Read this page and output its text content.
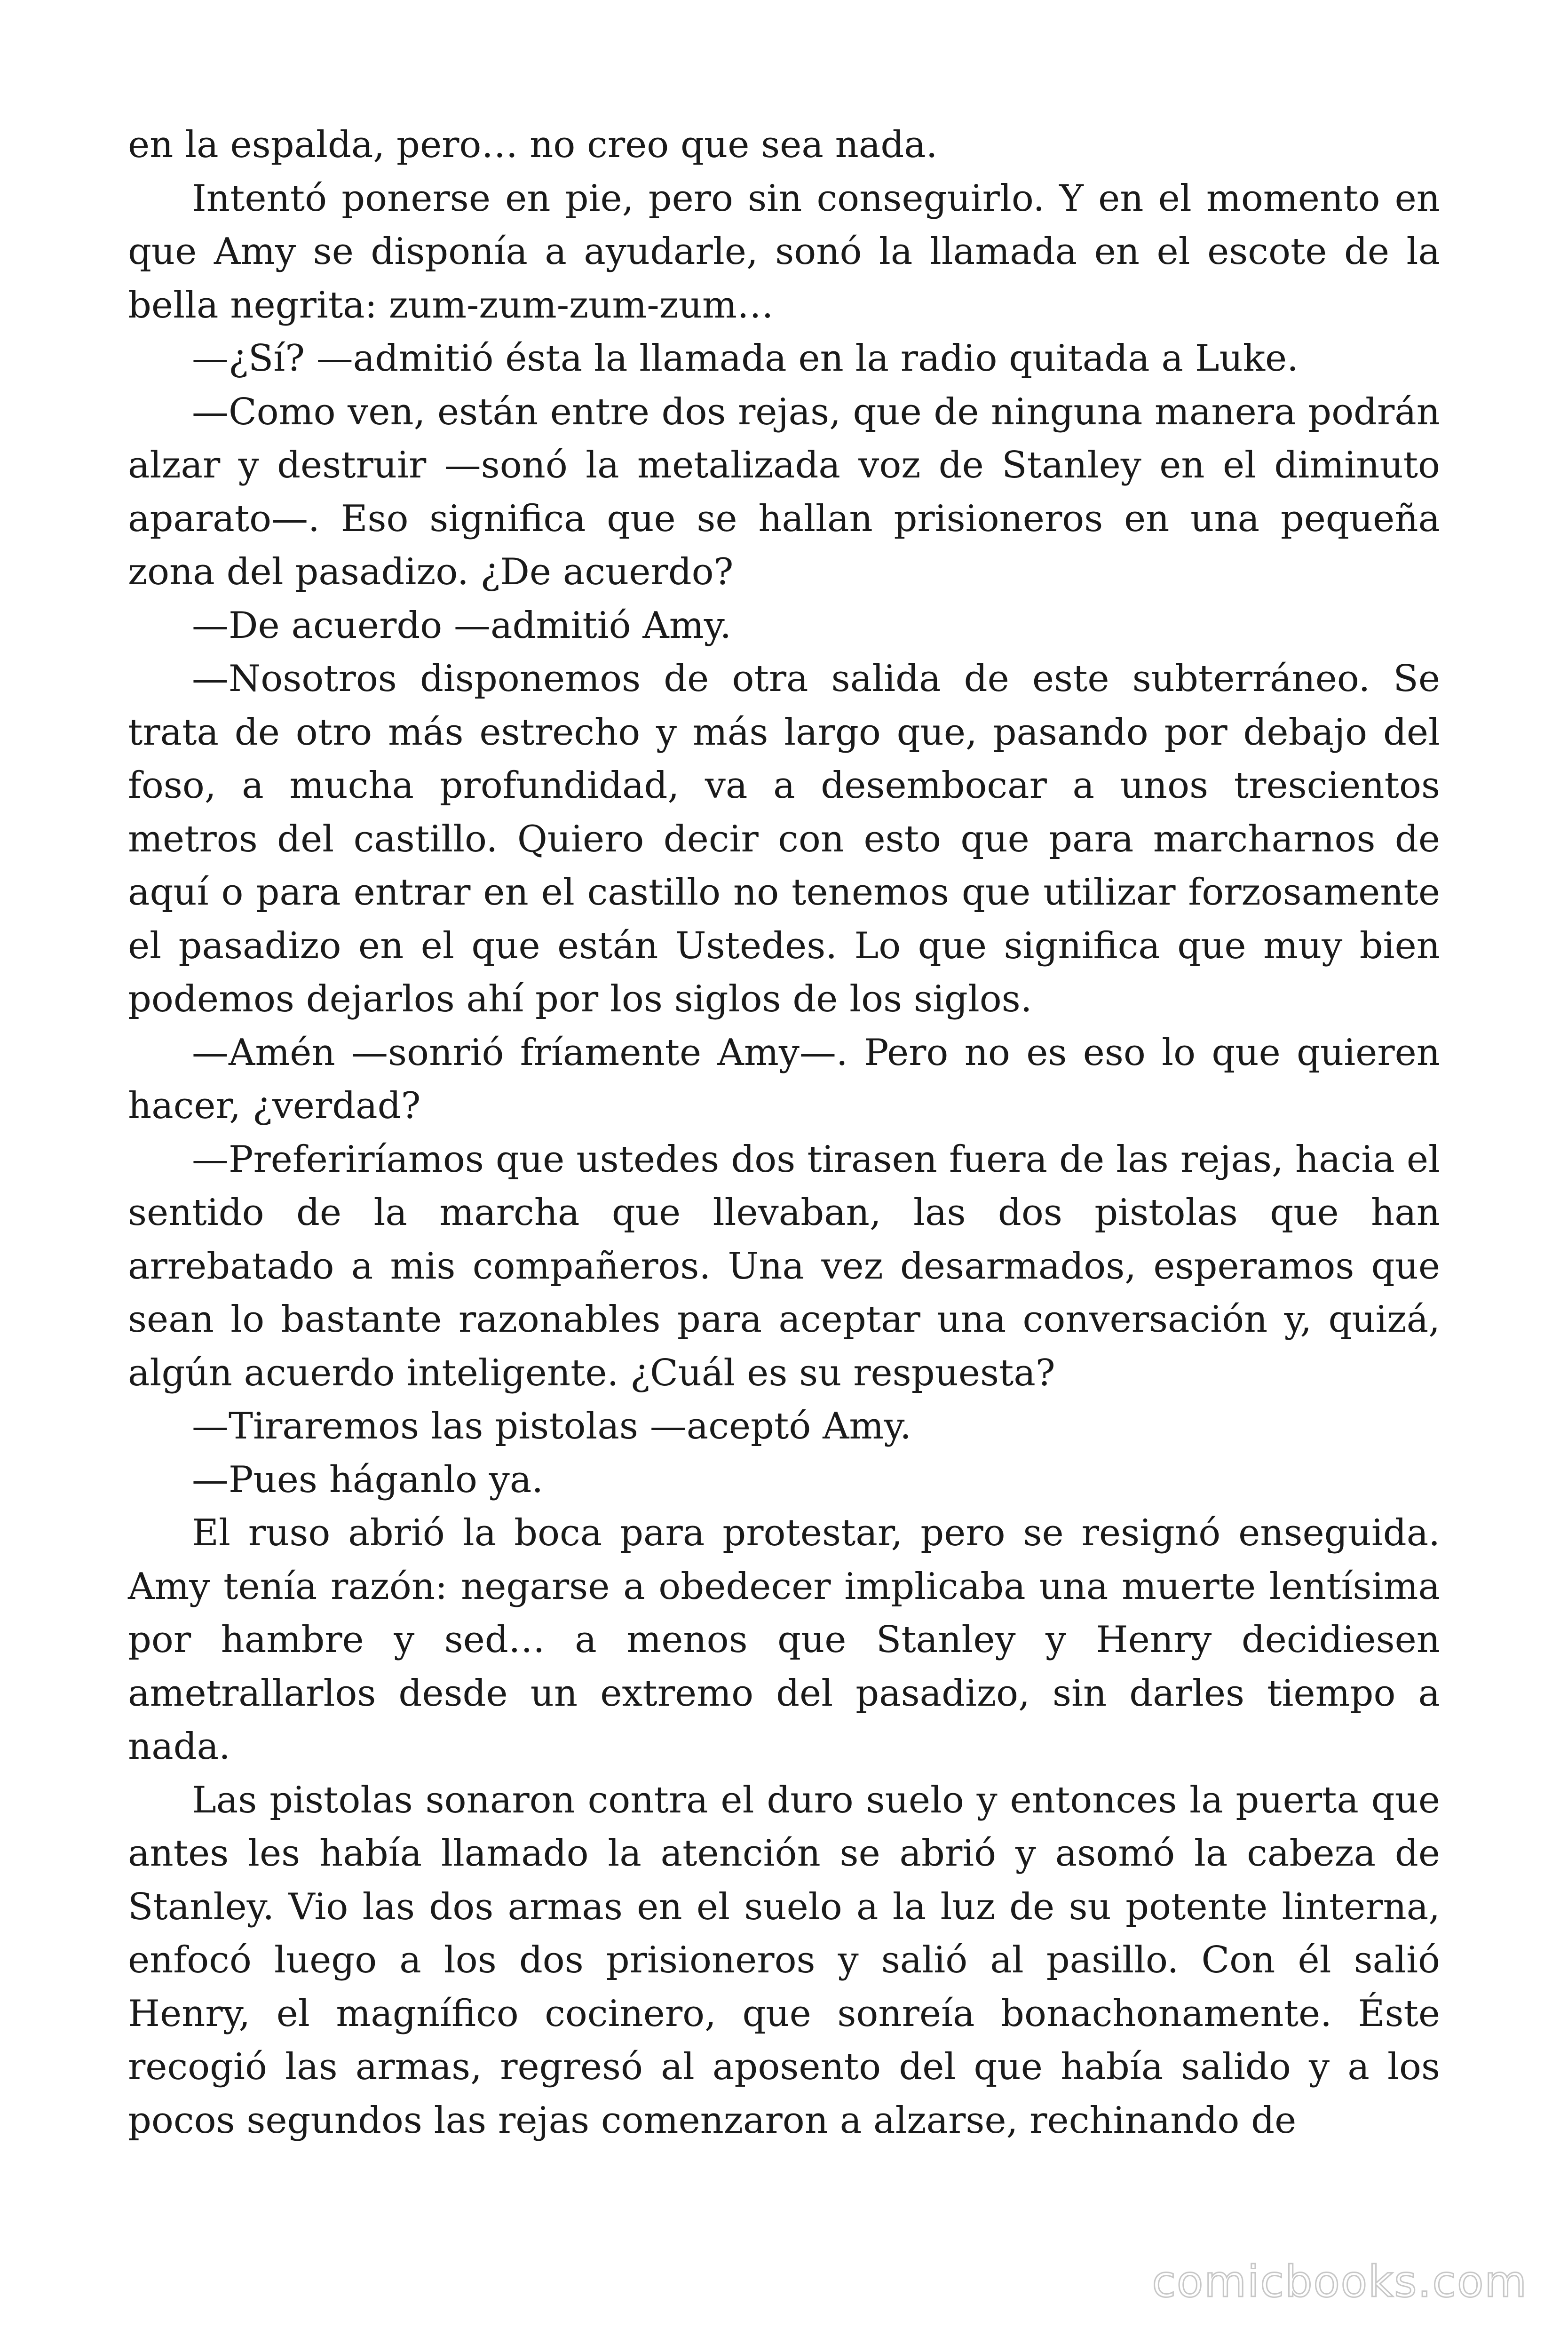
en la espalda, pero… no creo que sea nada.

Intentó ponerse en pie, pero sin conseguirlo. Y en el momento en que Amy se disponía a ayudarle, sonó la llamada en el escote de la bella negrita: zum-zum-zum-zum…

—¿Sí? —admitió ésta la llamada en la radio quitada a Luke.

—Como ven, están entre dos rejas, que de ninguna manera podrán alzar y destruir —sonó la metalizada voz de Stanley en el diminuto aparato—. Eso significa que se hallan prisioneros en una pequeña zona del pasadizo. ¿De acuerdo?

—De acuerdo —admitió Amy.

—Nosotros disponemos de otra salida de este subterráneo. Se trata de otro más estrecho y más largo que, pasando por debajo del foso, a mucha profundidad, va a desembocar a unos trescientos metros del castillo. Quiero decir con esto que para marcharnos de aquí o para entrar en el castillo no tenemos que utilizar forzosamente el pasadizo en el que están Ustedes. Lo que significa que muy bien podemos dejarlos ahí por los siglos de los siglos.

—Amén —sonrió fríamente Amy—. Pero no es eso lo que quieren hacer, ¿verdad?

—Preferiríamos que ustedes dos tirasen fuera de las rejas, hacia el sentido de la marcha que llevaban, las dos pistolas que han arrebatado a mis compañeros. Una vez desarmados, esperamos que sean lo bastante razonables para aceptar una conversación y, quizá, algún acuerdo inteligente. ¿Cuál es su respuesta?

—Tiraremos las pistolas —aceptó Amy.

—Pues háganlo ya.

El ruso abrió la boca para protestar, pero se resignó enseguida. Amy tenía razón: negarse a obedecer implicaba una muerte lentísima por hambre y sed… a menos que Stanley y Henry decidiesen ametrallarlos desde un extremo del pasadizo, sin darles tiempo a nada.

Las pistolas sonaron contra el duro suelo y entonces la puerta que antes les había llamado la atención se abrió y asomó la cabeza de Stanley. Vio las dos armas en el suelo a la luz de su potente linterna, enfocó luego a los dos prisioneros y salió al pasillo. Con él salió Henry, el magnífico cocinero, que sonreía bonachonamente. Éste recogió las armas, regresó al aposento del que había salido y a los pocos segundos las rejas comenzaron a alzarse, rechinando de

comicbooks.com
